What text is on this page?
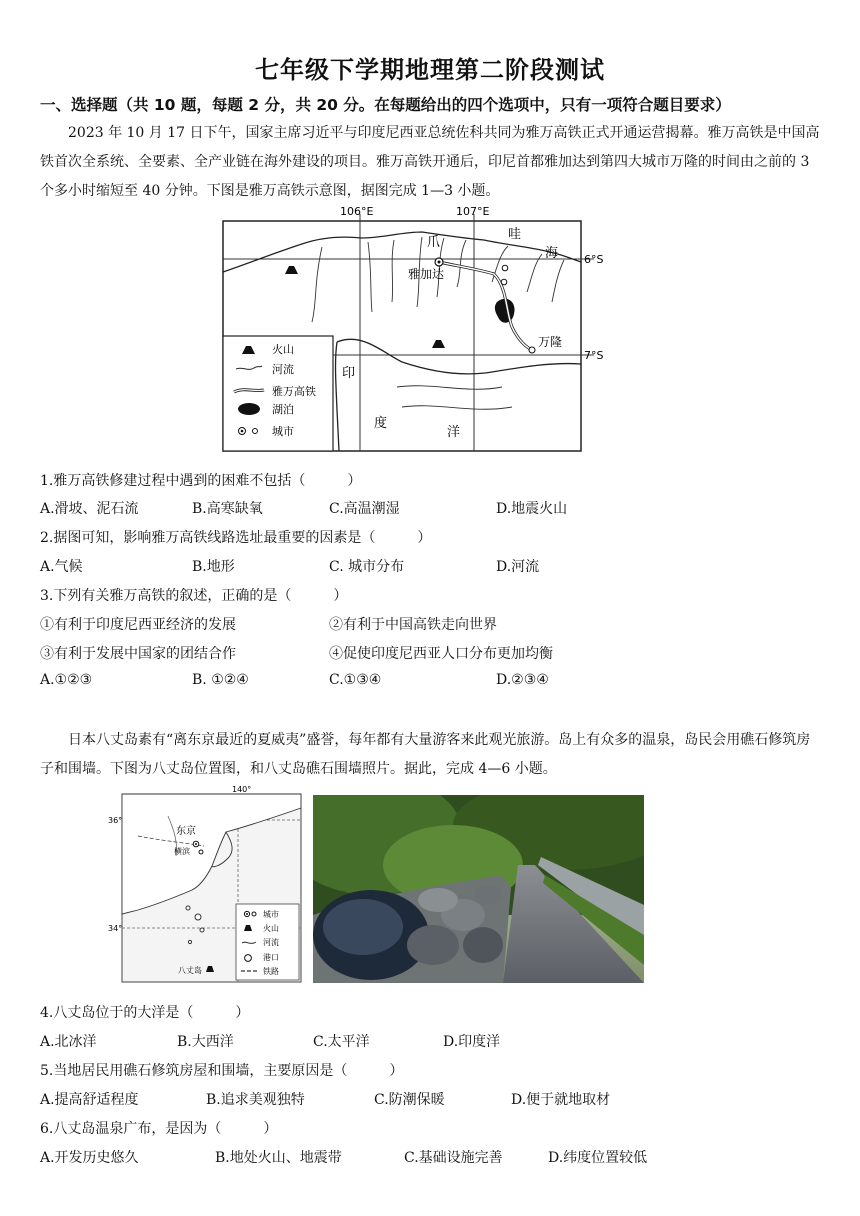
七年级下学期地理第二阶段测试
一、选择题（共 10 题，每题 2 分，共 20 分。在每题给出的四个选项中，只有一项符合题目要求）
2023 年 10 月 17 日下午，国家主席习近平与印度尼西亚总统佐科共同为雅万高铁正式开通运营揭幕。雅万高铁是中国高铁首次全系统、全要素、全产业链在海外建设的项目。雅万高铁开通后，印尼首都雅加达到第四大城市万隆的时间由之前的 3 个多小时缩短至 40 分钟。下图是雅万高铁示意图，据图完成 1—3 小题。
106°E	107°E
6°S
7°S
雅加达
万隆
爪
哇
海
印
度
洋
火山
河流
雅万高铁
湖泊
城市
1.雅万高铁修建过程中遇到的困难不包括（　　　）
A.滑坡、泥石流	B.高寒缺氧	C.高温潮湿	D.地震火山
2.据图可知，影响雅万高铁线路选址最重要的因素是（　　　）
A.气候	B.地形	C. 城市分布	D.河流
3.下列有关雅万高铁的叙述，正确的是（　　　）
①有利于印度尼西亚经济的发展	②有利于中国高铁走向世界
③有利于发展中国家的团结合作	④促使印度尼西亚人口分布更加均衡
A.①②③	B. ①②④	C.①③④	D.②③④
日本八丈岛素有“离东京最近的夏威夷”盛誉，每年都有大量游客来此观光旅游。岛上有众多的温泉，岛民会用礁石修筑房子和围墙。下图为八丈岛位置图，和八丈岛礁石围墙照片。据此，完成 4—6 小题。
140°
36°
34°
东京
横滨
八丈岛
城市
火山
河流
港口
铁路
4.八丈岛位于的大洋是（　　　）
A.北冰洋	B.大西洋	C.太平洋	D.印度洋
5.当地居民用礁石修筑房屋和围墙，主要原因是（　　　）
A.提高舒适程度	B.追求美观独特	C.防潮保暖	D.便于就地取材
6.八丈岛温泉广布，是因为（　　　）
A.开发历史悠久	B.地处火山、地震带	C.基础设施完善	D.纬度位置较低
